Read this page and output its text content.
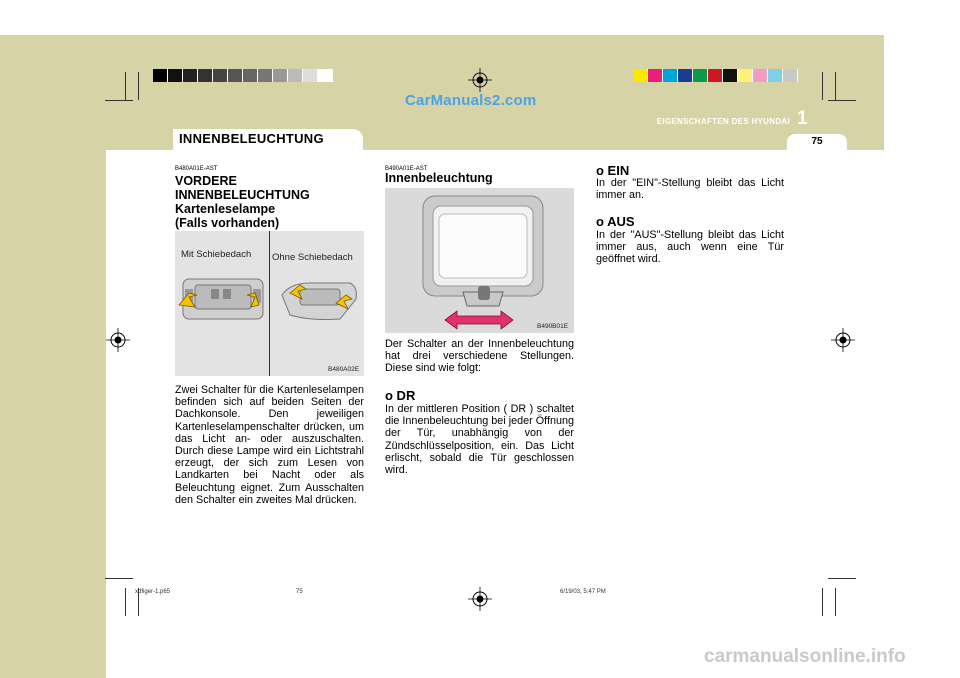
CarManuals2.com
EIGENSCHAFTEN DES HYUNDAI 1
75
INNENBELEUCHTUNG
B480A01E-AST
VORDERE
INNENBELEUCHTUNG
Kartenleselampe
(Falls vorhanden)
Mit Schiebedach Ohne Schiebedach
B480A02E
Zwei Schalter für die Kartenleselampen befinden sich auf beiden Seiten der Dachkonsole. Den jeweiligen Kartenleselampenschalter drücken, um das Licht an- oder auszuschalten. Durch diese Lampe wird ein Lichtstrahl erzeugt, der sich zum Lesen von Landkarten bei Nacht oder als Beleuchtung eignet. Zum Ausschalten den Schalter ein zweites Mal drücken.
B490A01E-AST
Innenbeleuchtung
B490B01E
Der Schalter an der Innenbeleuchtung hat drei verschiedene Stellungen. Diese sind wie folgt:
o DR
In der mittleren Position ( DR ) schaltet die Innenbeleuchtung bei jeder Öffnung der Tür, unabhängig von der Zündschlüsselposition, ein. Das Licht erlischt, sobald die Tür geschlossen wird.
o EIN
In der "EIN"-Stellung bleibt das Licht immer an.
o AUS
In der "AUS"-Stellung bleibt das Licht immer aus, auch wenn eine Tür geöffnet wird.
xdfiger-1.p65	75	6/19/03, 5:47 PM
carmanualsonline.info
